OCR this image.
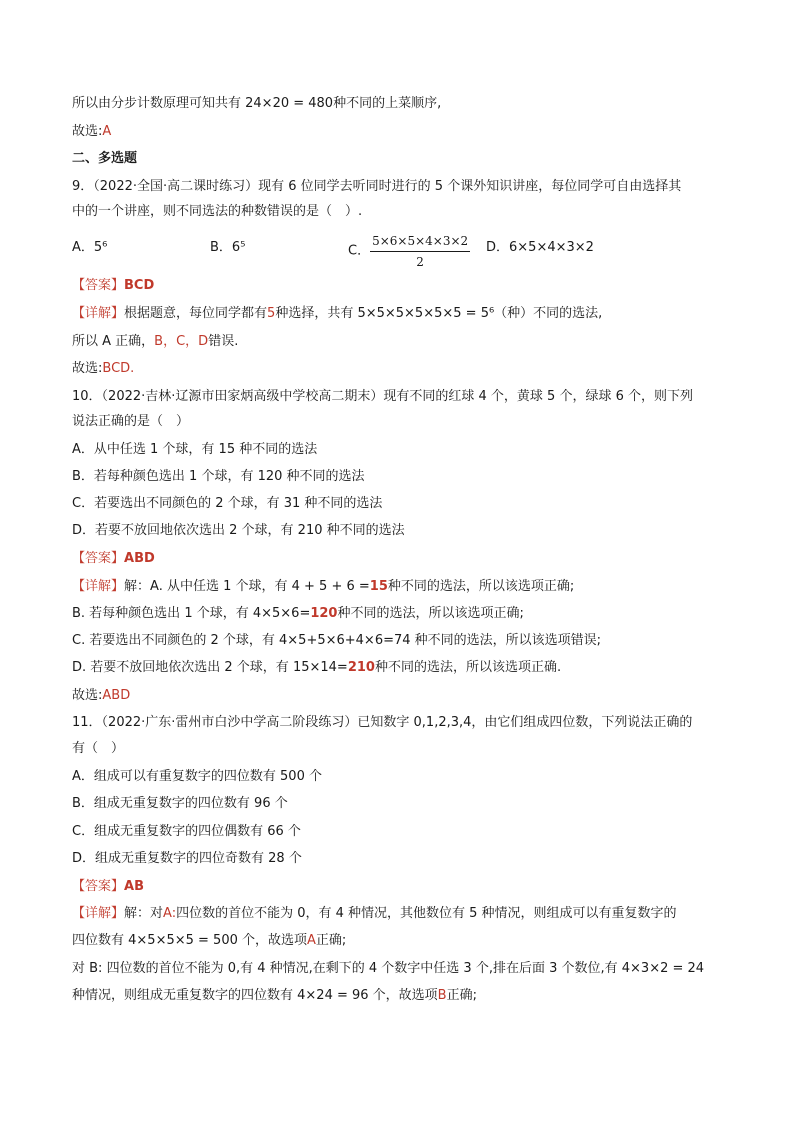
所以由分步计数原理可知共有 24×20 = 480种不同的上菜顺序,
故选:A
二、多选题
9．（2022·全国·高二课时练习）现有 6 位同学去听同时进行的 5 个课外知识讲座，每位同学可自由选择其
中的一个讲座，则不同选法的种数错误的是（　）.
A．5⁶	B．6⁵	C． $\frac{5\times 6\times 5\times 4\times 3\times 2}{2}$ D．6×5×4×3×2
【答案】BCD
【详解】根据题意，每位同学都有5种选择，共有 5×5×5×5×5×5 = 5⁶（种）不同的选法,
所以 A 正确，B，C，D错误.
故选:BCD.
10．（2022·吉林·辽源市田家炳高级中学校高二期末）现有不同的红球 4 个，黄球 5 个，绿球 6 个，则下列
说法正确的是（　）
A．从中任选 1 个球，有 15 种不同的选法
B．若每种颜色选出 1 个球，有 120 种不同的选法
C．若要选出不同颜色的 2 个球，有 31 种不同的选法
D．若要不放回地依次选出 2 个球，有 210 种不同的选法
【答案】ABD
【详解】解：A. 从中任选 1 个球，有 4 + 5 + 6 =15种不同的选法，所以该选项正确;
B. 若每种颜色选出 1 个球，有 4×5×6=120种不同的选法，所以该选项正确;
C. 若要选出不同颜色的 2 个球，有 4×5+5×6+4×6=74 种不同的选法，所以该选项错误;
D. 若要不放回地依次选出 2 个球，有 15×14=210种不同的选法，所以该选项正确.
故选:ABD
11．（2022·广东·雷州市白沙中学高二阶段练习）已知数字 0,1,2,3,4，由它们组成四位数，下列说法正确的
有（　）
A．组成可以有重复数字的四位数有 500 个
B．组成无重复数字的四位数有 96 个
C．组成无重复数字的四位偶数有 66 个
D．组成无重复数字的四位奇数有 28 个
【答案】AB
【详解】解：对A:四位数的首位不能为 0，有 4 种情况，其他数位有 5 种情况，则组成可以有重复数字的
四位数有 4×5×5×5 = 500 个，故选项A正确;
对 B: 四位数的首位不能为 0,有 4 种情况,在剩下的 4 个数字中任选 3 个,排在后面 3 个数位,有 4×3×2 = 24
种情况，则组成无重复数字的四位数有 4×24 = 96 个，故选项B正确;
